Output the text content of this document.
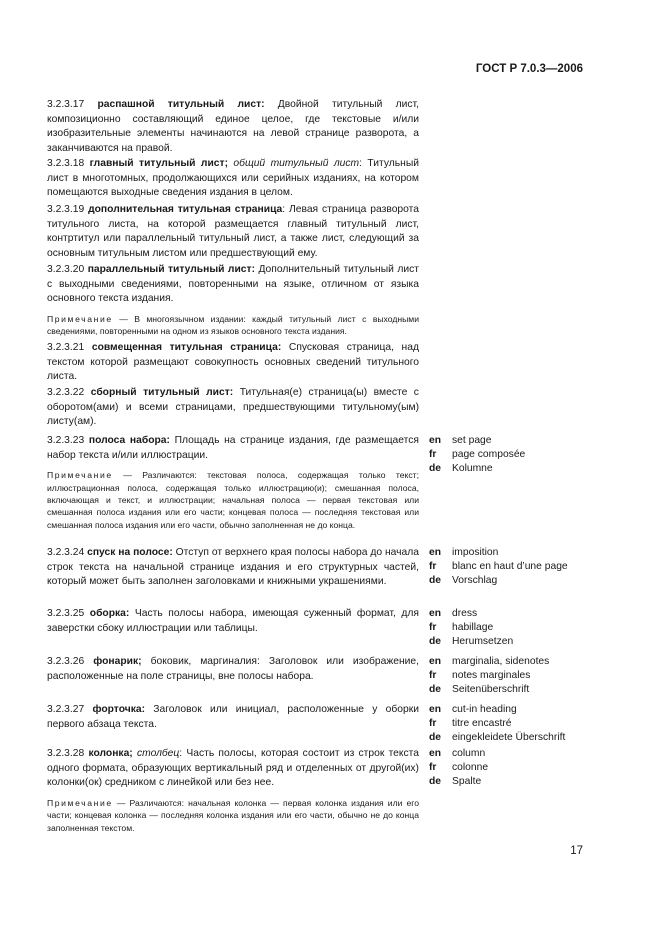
ГОСТ Р 7.0.3—2006

3.2.3.17 распашной титульный лист: Двойной титульный лист, композиционно составляющий единое целое, где текстовые и/или изобразительные элементы начинаются на левой странице разворота, а заканчиваются на правой.

3.2.3.18 главный титульный лист; общий титульный лист: Титульный лист в многотомных, продолжающихся или серийных изданиях, на котором помещаются выходные сведения издания в целом.

3.2.3.19 дополнительная титульная страница: Левая страница разворота титульного листа, на которой размещается главный титульный лист, контртитул или параллельный титульный лист, а также лист, следующий за основным титульным листом или предшествующий ему.

3.2.3.20 параллельный титульный лист: Дополнительный титульный лист с выходными сведениями, повторенными на языке, отличном от языка основного текста издания.

Примечание — В многоязычном издании: каждый титульный лист с выходными сведениями, повторенными на одном из языков основного текста издания.

3.2.3.21 совмещенная титульная страница: Спусковая страница, над текстом которой размещают совокупность основных сведений титульного листа.

3.2.3.22 сборный титульный лист: Титульная(е) страница(ы) вместе с оборотом(ами) и всеми страницами, предшествующими титульному(ым) листу(ам).

3.2.3.23 полоса набора: Площадь на странице издания, где размещается набор текста и/или иллюстрации.

Примечание — Различаются: текстовая полоса, содержащая только текст; иллюстрационная полоса, содержащая только иллюстрацию(и); смешанная полоса, включающая и текст, и иллюстрации; начальная полоса — первая текстовая или смешанная полоса издания или его части; концевая полоса — последняя текстовая или смешанная полоса издания или его части, обычно заполненная не до конца.

en set page
fr page composée
de Kolumne

3.2.3.24 спуск на полосе: Отступ от верхнего края полосы набора до начала строк текста на начальной странице издания и его структурных частей, который может быть заполнен заголовками и книжными украшениями.

en imposition
fr blanc en haut d’une page
de Vorschlag

3.2.3.25 оборка: Часть полосы набора, имеющая суженный формат, для заверстки сбоку иллюстрации или таблицы.

en dress
fr habillage
de Herumsetzen

3.2.3.26 фонарик; боковик, маргиналия: Заголовок или изображение, расположенные на поле страницы, вне полосы набора.

en marginalia, sidenotes
fr notes marginales
de Seitenüberschrift

3.2.3.27 форточка: Заголовок или инициал, расположенные у оборки первого абзаца текста.

en cut-in heading
fr titre encastré
de eingekleidete Überschrift

3.2.3.28 колонка; столбец: Часть полосы, которая состоит из строк текста одного формата, образующих вертикальный ряд и отделенных от другой(их) колонки(ок) средником с линейкой или без нее.

Примечание — Различаются: начальная колонка — первая колонка издания или его части; концевая колонка — последняя колонка издания или его части, обычно не до конца заполненная текстом.

en column
fr colonne
de Spalte
17
